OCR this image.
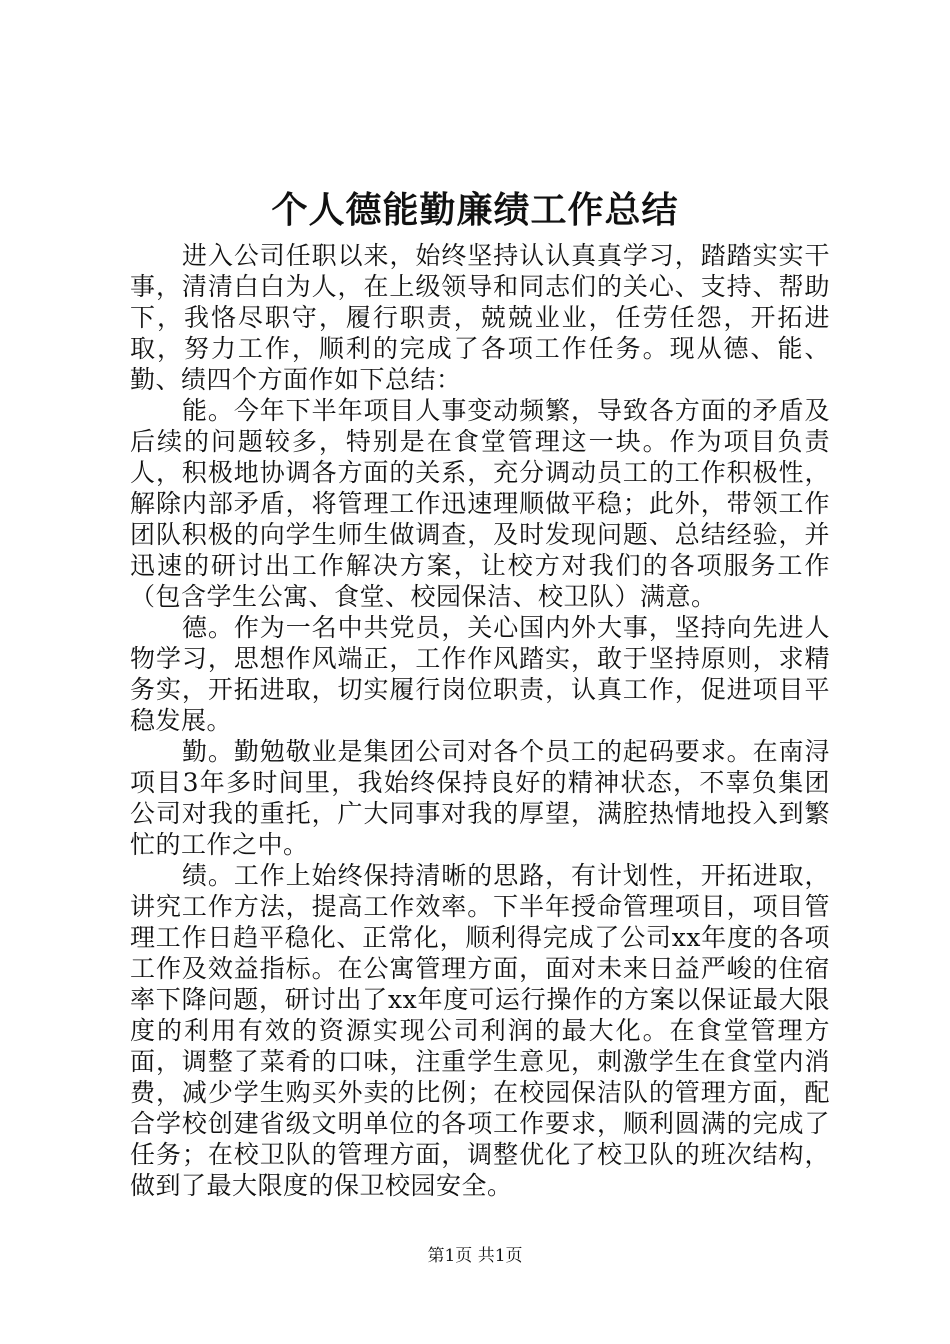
个人德能勤廉绩工作总结

进入公司任职以来，始终坚持认认真真学习，踏踏实实干事，清清白白为人，在上级领导和同志们的关心、支持、帮助下，我恪尽职守，履行职责，兢兢业业，任劳任怨，开拓进取，努力工作，顺利的完成了各项工作任务。现从德、能、勤、绩四个方面作如下总结：

能。今年下半年项目人事变动频繁，导致各方面的矛盾及后续的问题较多，特别是在食堂管理这一块。作为项目负责人，积极地协调各方面的关系，充分调动员工的工作积极性，解除内部矛盾，将管理工作迅速理顺做平稳；此外，带领工作团队积极的向学生师生做调查，及时发现问题、总结经验，并迅速的研讨出工作解决方案，让校方对我们的各项服务工作（包含学生公寓、食堂、校园保洁、校卫队）满意。

德。作为一名中共党员，关心国内外大事，坚持向先进人物学习，思想作风端正，工作作风踏实，敢于坚持原则，求精务实，开拓进取，切实履行岗位职责，认真工作，促进项目平稳发展。

勤。勤勉敬业是集团公司对各个员工的起码要求。在南浔项目3年多时间里，我始终保持良好的精神状态，不辜负集团公司对我的重托，广大同事对我的厚望，满腔热情地投入到繁忙的工作之中。

绩。工作上始终保持清晰的思路，有计划性，开拓进取，讲究工作方法，提高工作效率。下半年授命管理项目，项目管理工作日趋平稳化、正常化，顺利得完成了公司xx年度的各项工作及效益指标。在公寓管理方面，面对未来日益严峻的住宿率下降问题，研讨出了xx年度可运行操作的方案以保证最大限度的利用有效的资源实现公司利润的最大化。在食堂管理方面，调整了菜肴的口味，注重学生意见，刺激学生在食堂内消费，减少学生购买外卖的比例；在校园保洁队的管理方面，配合学校创建省级文明单位的各项工作要求，顺利圆满的完成了任务；在校卫队的管理方面，调整优化了校卫队的班次结构，做到了最大限度的保卫校园安全。

第1页 共1页
